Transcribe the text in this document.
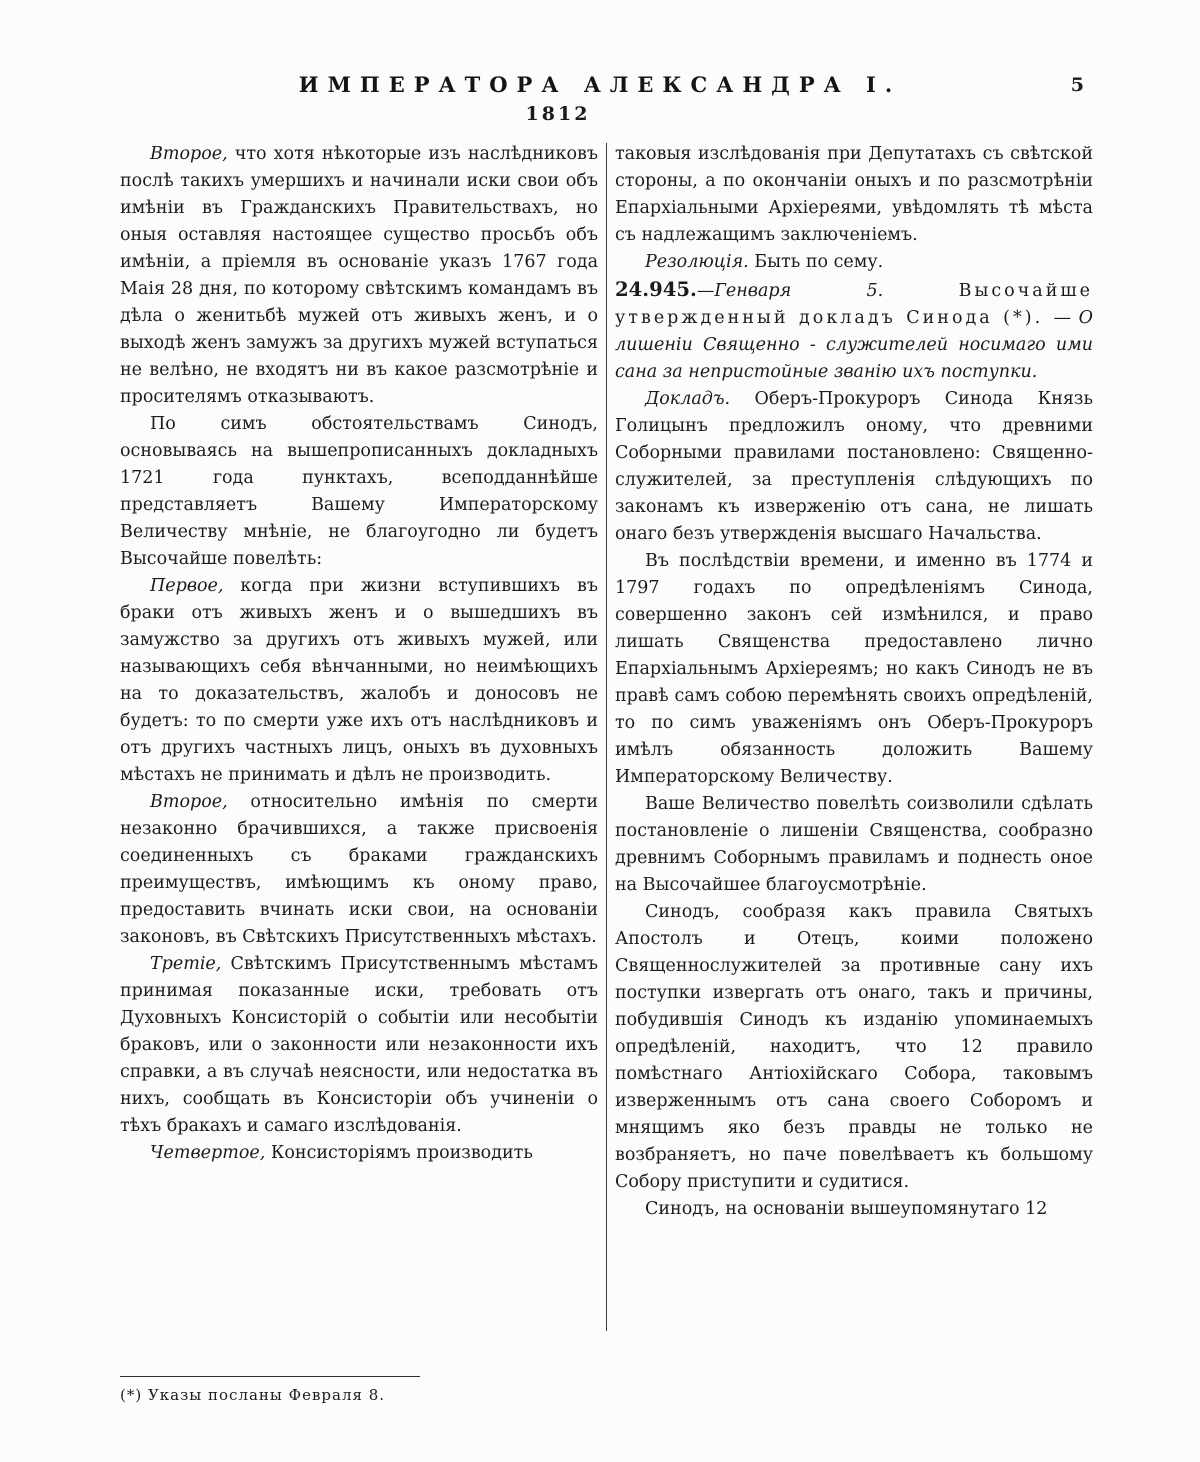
ИМПЕРАТОРА АЛЕКСАНДРА I.	5
1812

Второе, что хотя нѣкоторые изъ наслѣдниковъ послѣ такихъ умершихъ и начинали иски свои объ имѣніи въ Гражданскихъ Правительствахъ, но оныя оставляя настоящее существо просьбъ объ имѣніи, а пріемля въ основаніе указъ 1767 года Маія 28 дня, по которому свѣтскимъ командамъ въ дѣла о женитьбѣ мужей отъ живыхъ женъ, и о выходѣ женъ замужъ за другихъ мужей вступаться не велѣно, не входятъ ни въ какое разсмотрѣніе и просителямъ отказываютъ.

По симъ обстоятельствамъ Синодъ, основываясь на вышепрописанныхъ докладныхъ 1721 года пунктахъ, всеподданнѣйше представляетъ Вашему Императорскому Величеству мнѣніе, не благоугодно ли будетъ Высочайше повелѣть:

Первое, когда при жизни вступившихъ въ браки отъ живыхъ женъ и о вышедшихъ въ замужство за другихъ отъ живыхъ мужей, или называющихъ себя вѣнчанными, но неимѣющихъ на то доказательствъ, жалобъ и доносовъ не будетъ: то по смерти уже ихъ отъ наслѣдниковъ и отъ другихъ частныхъ лицъ, оныхъ въ духовныхъ мѣстахъ не принимать и дѣлъ не производить.

Второе, относительно имѣнія по смерти незаконно брачившихся, а также присвоенія соединенныхъ съ браками гражданскихъ преимуществъ, имѣющимъ къ оному право, предоставить вчинать иски свои, на основаніи законовъ, въ Свѣтскихъ Присутственныхъ мѣстахъ.

Третіе, Свѣтскимъ Присутственнымъ мѣстамъ принимая показанные иски, требовать отъ Духовныхъ Консисторій о событіи или несобытіи браковъ, или о законности или незаконности ихъ справки, а въ случаѣ неясности, или недостатка въ нихъ, сообщать въ Консисторіи объ учиненіи о тѣхъ бракахъ и самаго изслѣдованія.

Четвертое, Консисторіямъ производить

таковыя изслѣдованія при Депутатахъ съ свѣтской стороны, а по окончаніи оныхъ и по разсмотрѣніи Епархіальными Архіереями, увѣдомлять тѣ мѣста съ надлежащимъ заключеніемъ.

Резолюція. Быть по сему.

24.945.—Генваря 5. Высочайше утвержденный докладъ Синода (*). — О лишеніи Священно - служителей носимаго ими сана за непристойные званію ихъ поступки.

Докладъ. Оберъ-Прокуроръ Синода Князь Голицынъ предложилъ оному, что древними Соборными правилами постановлено: Священно-служителей, за преступленія слѣдующихъ по законамъ къ изверженію отъ сана, не лишать онаго безъ утвержденія высшаго Начальства.

Въ послѣдствіи времени, и именно въ 1774 и 1797 годахъ по опредѣленіямъ Синода, совершенно законъ сей измѣнился, и право лишать Священства предоставлено лично Епархіальнымъ Архіереямъ; но какъ Синодъ не въ правѣ самъ собою перемѣнять своихъ опредѣленій, то по симъ уваженіямъ онъ Оберъ-Прокуроръ имѣлъ обязанность доложить Вашему Императорскому Величеству.

Ваше Величество повелѣть соизволили сдѣлать постановленіе о лишеніи Священства, сообразно древнимъ Соборнымъ правиламъ и поднесть оное на Высочайшее благоусмотрѣніе.

Синодъ, сообразя какъ правила Святыхъ Апостолъ и Отецъ, коими положено Священнослужителей за противные сану ихъ поступки извергать отъ онаго, такъ и причины, побудившія Синодъ къ изданію упоминаемыхъ опредѣленій, находитъ, что 12 правило помѣстнаго Антіохійскаго Собора, таковымъ изверженнымъ отъ сана своего Соборомъ и мнящимъ яко безъ правды не только не возбраняетъ, но паче повелѣваетъ къ большому Собору приступити и судитися.

Синодъ, на основаніи вышеупомянутаго 12

(*) Указы посланы Февраля 8.
